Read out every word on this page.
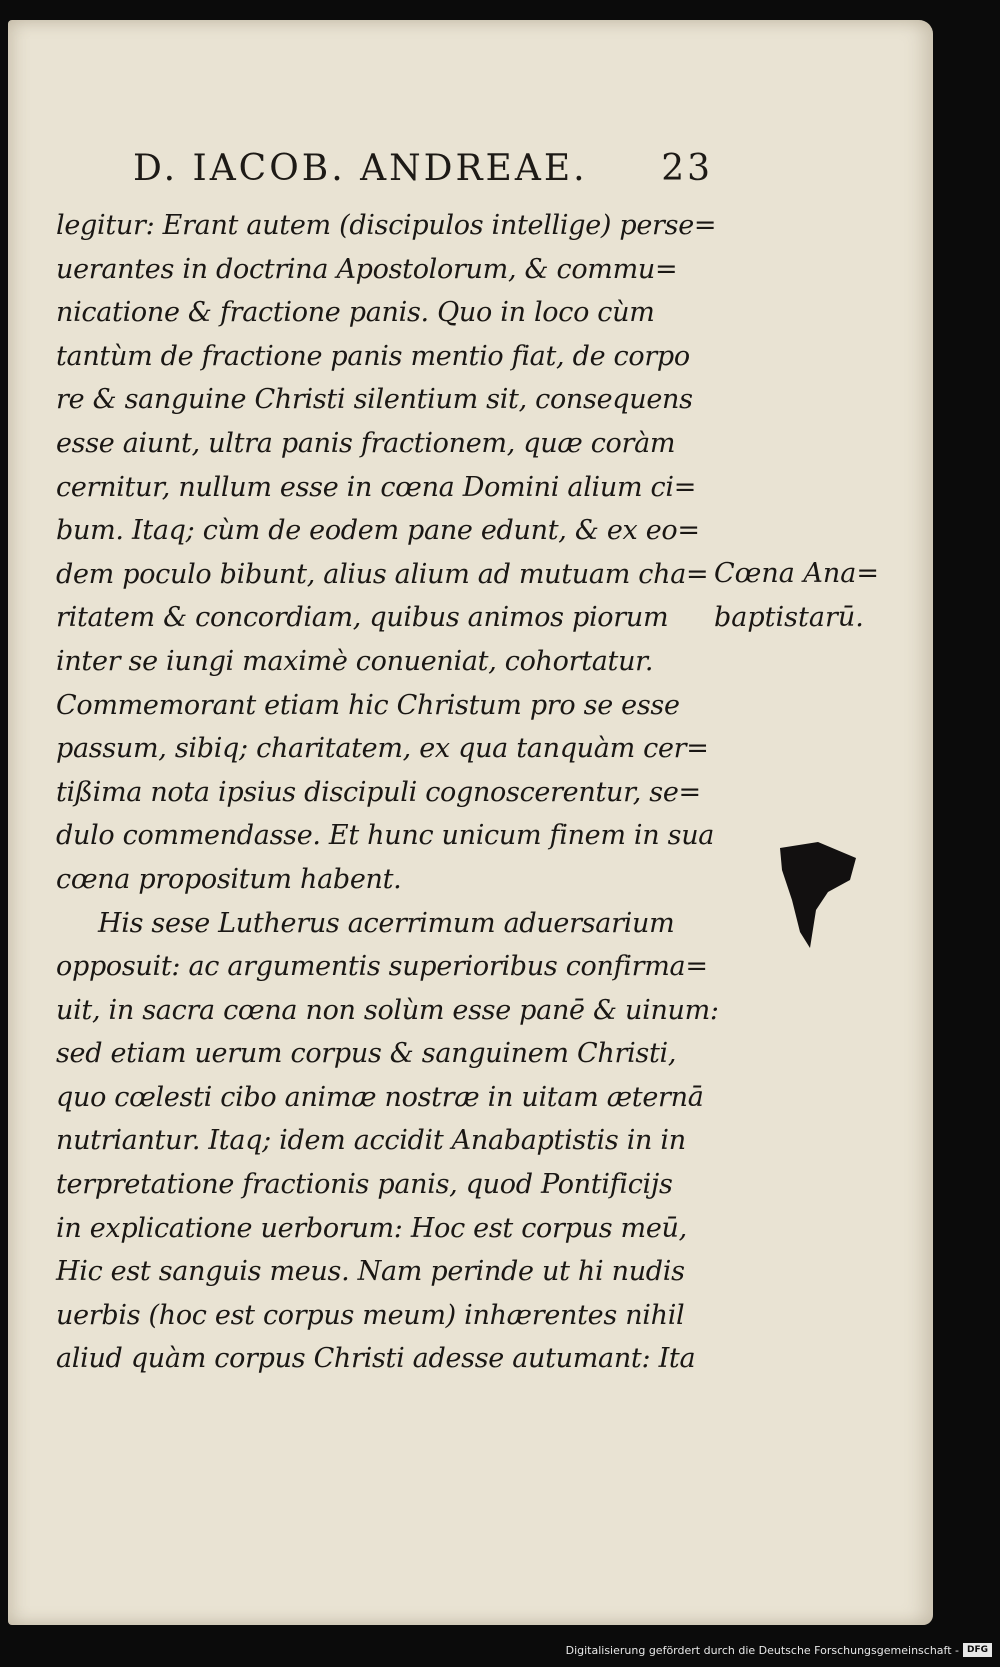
D. IACOB. ANDREAE. 23
legitur: Erant autem (discipulos intellige) perse=
uerantes in doctrina Apostolorum, & commu=
nicatione & fractione panis. Quo in loco cùm
tantùm de fractione panis mentio fiat, de corpo
re & sanguine Christi silentium sit, consequens
esse aiunt, ultra panis fractionem, quæ coràm
cernitur, nullum esse in cœna Domini alium ci=
bum. Itaq; cùm de eodem pane edunt, & ex eo=
dem poculo bibunt, alius alium ad mutuam cha=
ritatem & concordiam, quibus animos piorum
inter se iungi maximè conueniat, cohortatur.
Commemorant etiam hic Christum pro se esse
passum, sibiq; charitatem, ex qua tanquàm cer=
tißima nota ipsius discipuli cognoscerentur, se=
dulo commendasse. Et hunc unicum finem in sua
cœna propositum habent.
His sese Lutherus acerrimum aduersarium
opposuit: ac argumentis superioribus confirma=
uit, in sacra cœna non solùm esse panē & uinum:
sed etiam uerum corpus & sanguinem Christi,
quo cœlesti cibo animæ nostræ in uitam æternā
nutriantur. Itaq; idem accidit Anabaptistis in in
terpretatione fractionis panis, quod Pontificijs
in explicatione uerborum: Hoc est corpus meū,
Hic est sanguis meus. Nam perinde ut hi nudis
uerbis (hoc est corpus meum) inhærentes nihil
aliud quàm corpus Christi adesse autumant: Ita
Cœna Ana=
baptistarū.
Digitalisierung gefördert durch die Deutsche Forschungsgemeinschaft - DFG
